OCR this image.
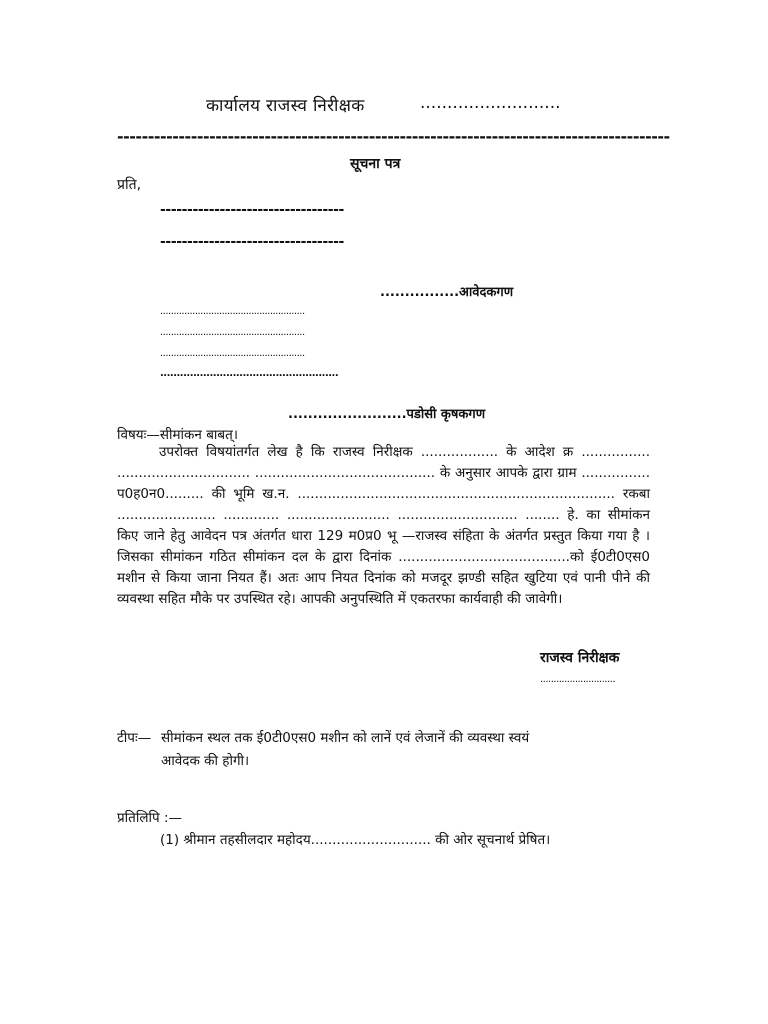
कार्यालय राजस्व निरीक्षक	..........................
------------------------------------------------------------------------------------------
सूचना पत्र
प्रति,
----------------------------------
----------------------------------
................आवेदकगण
......................................................
......................................................
......................................................
......................................................
........................पडोसी कृषकगण
विषयः—सीमांकन बाबत्।
उपरोक्त विषयांतर्गत लेख है कि राजस्व निरीक्षक .................. के आदेश क्र ................ ............................... .......................................... के अनुसार आपके द्वारा ग्राम ................ प0ह0न0......... की भूमि ख.न. .......................................................................... रकबा ....................... ............. ........................ ............................ ........ हे. का सीमांकन किए जाने हेतु आवेदन पत्र अंतर्गत धारा 129 म0प्र0 भू —राजस्व संहिता के अंतर्गत प्रस्तुत किया गया है । जिसका सीमांकन गठित सीमांकन दल के द्वारा दिनांक ........................................को ई0टी0एस0 मशीन से किया जाना नियत हैं। अतः आप नियत दिनांक को मजदूर झण्डी सहित खुटिया एवं पानी पीने की व्यवस्था सहित मौके पर उपस्थित रहे। आपकी अनुपस्थिति में एकतरफा कार्यवाही की जावेगी।
राजस्व निरीक्षक
............................
टीपः— सीमांकन स्थल तक ई0टी0एस0 मशीन को लानें एवं लेजानें की व्यवस्था स्वयं
आवेदक की होगी।
प्रतिलिपि :—
(1) श्रीमान तहसीलदार महोदय............................ की ओर सूचनार्थ प्रेषित।
